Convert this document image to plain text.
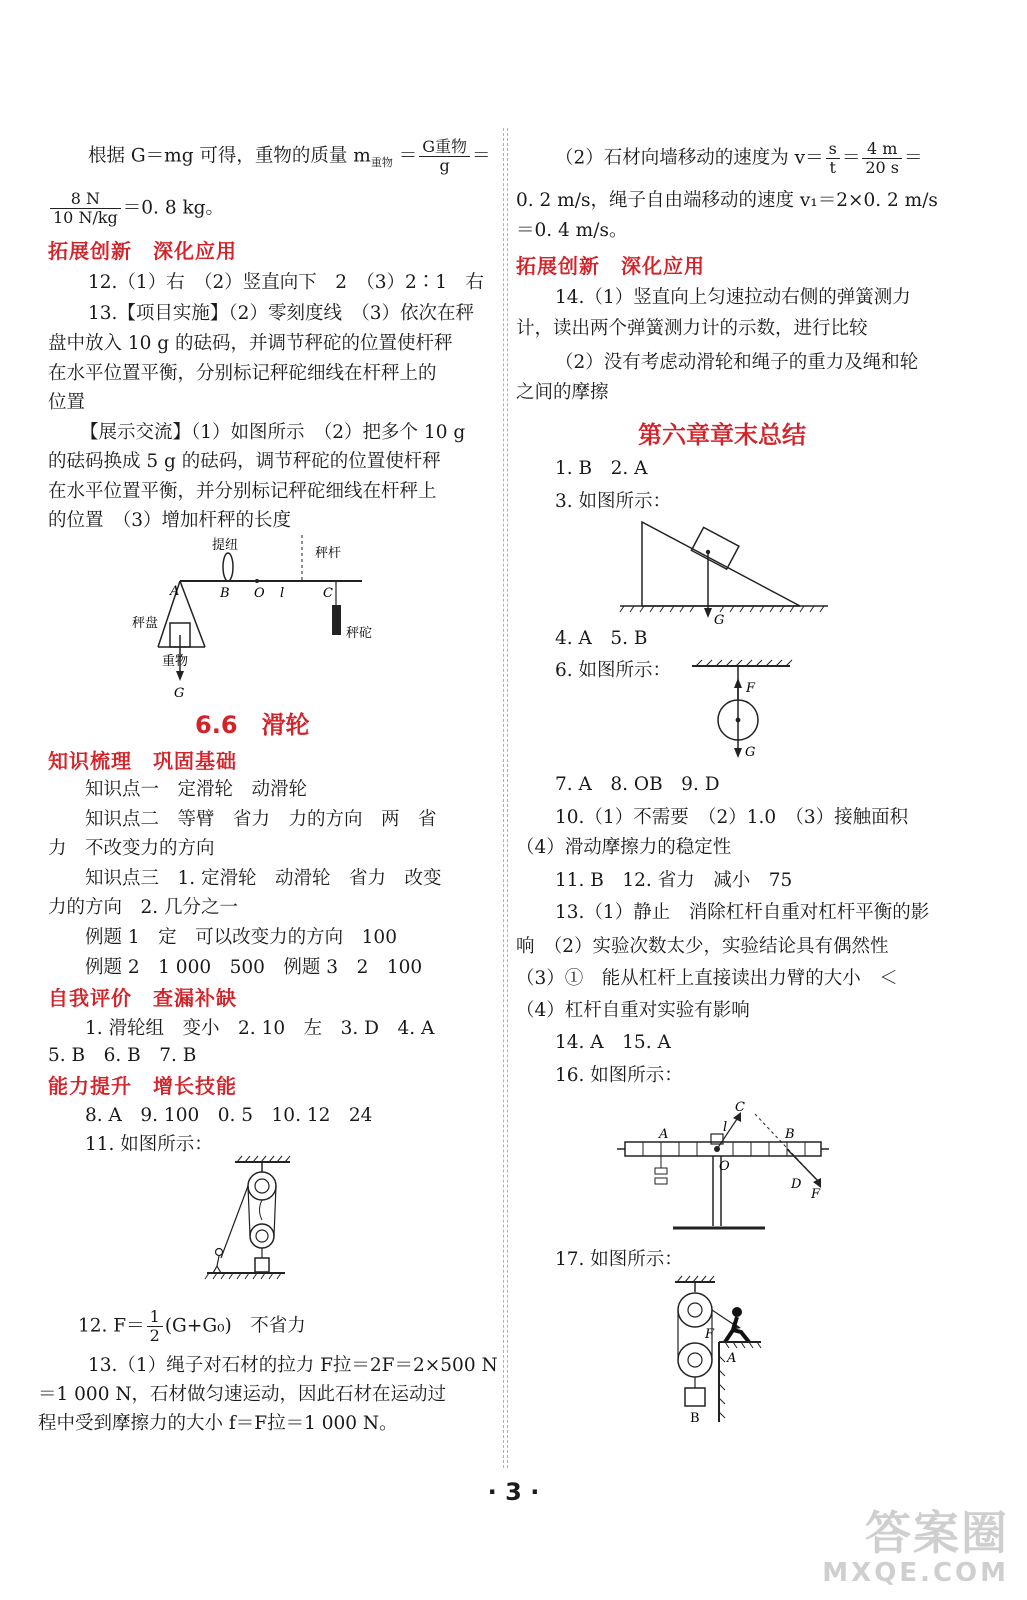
根据 G＝mg 可得，重物的质量 $m_{重物} = \frac{\text{G重物}}{g}$ ＝
$\frac{8 N}{10 N/kg} =0$. 8 kg。
拓展创新　深化应用
12.（1）右　（2）竖直向下　2　（3）2∶1　右
13.【项目实施】（2）零刻度线　（3）依次在秤
盘中放入 10 g 的砝码，并调节秤砣的位置使杆秤
在水平位置平衡，分别标记秤砣细线在杆秤上的
位置
【展示交流】（1）如图所示　（2）把多个 10 g
的砝码换成 5 g 的砝码，调节秤砣的位置使杆秤
在水平位置平衡，并分别标记秤砣细线在杆秤上
的位置　（3）增加杆秤的长度
提纽
秤杆
A	B O l	C
秤盘
秤砣
重物
G
6.6　滑轮
知识梳理　巩固基础
知识点一　定滑轮　动滑轮
知识点二　等臂　省力　力的方向　两　省
力　不改变力的方向
知识点三　1. 定滑轮　动滑轮　省力　改变
力的方向　2. 几分之一
例题 1　定　可以改变力的方向　100
例题 2　1 000　500　例题 3　2　100
自我评价　查漏补缺
1. 滑轮组　变小　2. 10　左　3. D　4. A
5. B　6. B　7. B
能力提升　增长技能
8. A　9. 100　0. 5　10. 12　24
11. 如图所示：
12. $F= \frac{1}{2} (G+G_0)$　不省力
13.（1）绳子对石材的拉力 F拉＝2F＝2×500 N
＝1 000 N，石材做匀速运动，因此石材在运动过
程中受到摩擦力的大小 f＝F拉＝1 000 N。
（2）石材向墙移动的速度为 $v= \frac{s}{t} = \frac{4 m}{20 s}$ ＝
0. 2 m/s，绳子自由端移动的速度 v₁＝2×0. 2 m/s
＝0. 4 m/s。
拓展创新　深化应用
14.（1）竖直向上匀速拉动右侧的弹簧测力
计，读出两个弹簧测力计的示数，进行比较
（2）没有考虑动滑轮和绳子的重力及绳和轮
之间的摩擦
第六章章末总结
1. B　2. A
3. 如图所示：
G
4. A　5. B
6. 如图所示：
F
G
7. A　8. OB　9. D
10.（1）不需要　（2）1.0　（3）接触面积
（4）滑动摩擦力的稳定性
11. B　12. 省力　减小　75
13.（1）静止　消除杠杆自重对杠杆平衡的影
响　（2）实验次数太少，实验结论具有偶然性
（3）①　能从杠杆上直接读出力臂的大小　＜
（4）杠杆自重对实验有影响
14. A　15. A
16. 如图所示：
A	B
C
l
O
D
F
17. 如图所示：
F
A
B
· 3 ·
答案圈
MXQE.COM
